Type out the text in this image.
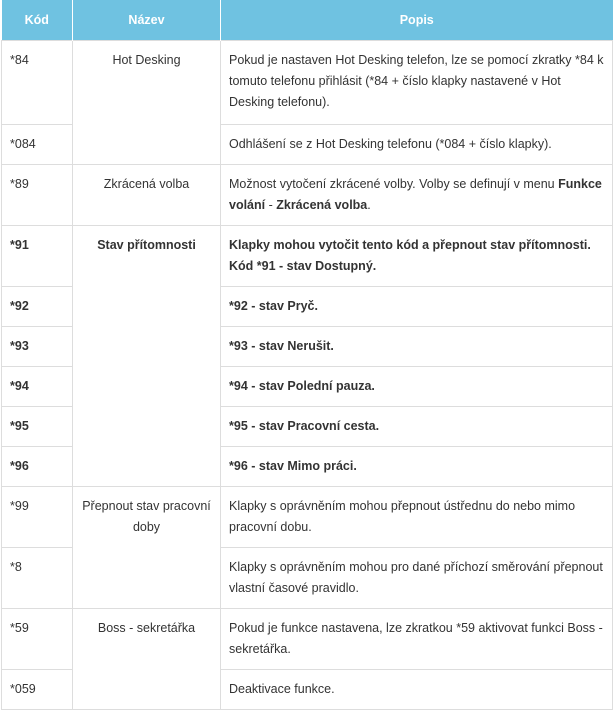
Kód	Název	Popis
*84	Hot Desking	Pokud je nastaven Hot Desking telefon, lze se pomocí zkratky *84 k tomuto telefonu přihlásit (*84 + číslo klapky nastavené v Hot Desking telefonu).
*084		Odhlášení se z Hot Desking telefonu (*084 + číslo klapky).
*89	Zkrácená volba	Možnost vytočení zkrácené volby. Volby se definují v menu Funkce volání - Zkrácená volba.
*91	Stav přítomnosti	Klapky mohou vytočit tento kód a přepnout stav přítomnosti. Kód *91 - stav Dostupný.
*92		*92 - stav Pryč.
*93		*93 - stav Nerušit.
*94		*94 - stav Polední pauza.
*95		*95 - stav Pracovní cesta.
*96		*96 - stav Mimo práci.
*99	Přepnout stav pracovní doby	Klapky s oprávněním mohou přepnout ústřednu do nebo mimo pracovní dobu.
*8		Klapky s oprávněním mohou pro dané příchozí směrování přepnout vlastní časové pravidlo.
*59	Boss - sekretářka	Pokud je funkce nastavena, lze zkratkou *59 aktivovat funkci Boss - sekretářka.
*059		Deaktivace funkce.
